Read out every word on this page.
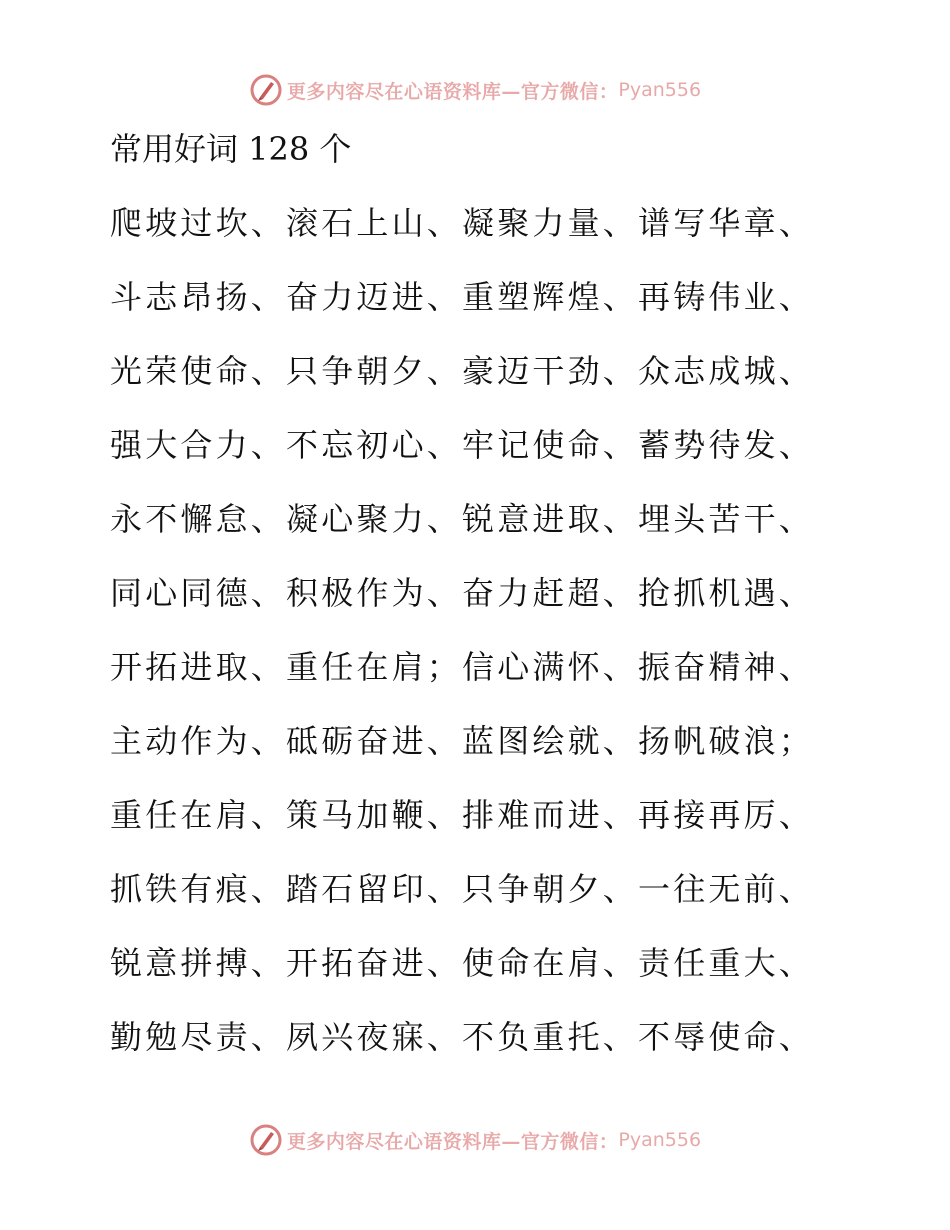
更多内容尽在心语资料库—官方微信： Pyan556
常用好词 128 个
爬坡过坎、滚石上山、凝聚力量、谱写华章、
斗志昂扬、奋力迈进、重塑辉煌、再铸伟业、
光荣使命、只争朝夕、豪迈干劲、众志成城、
强大合力、不忘初心、牢记使命、蓄势待发、
永不懈怠、凝心聚力、锐意进取、埋头苦干、
同心同德、积极作为、奋力赶超、抢抓机遇、
开拓进取、重任在肩；信心满怀、振奋精神、
主动作为、砥砺奋进、蓝图绘就、扬帆破浪；
重任在肩、策马加鞭、排难而进、再接再厉、
抓铁有痕、踏石留印、只争朝夕、一往无前、
锐意拼搏、开拓奋进、使命在肩、责任重大、
勤勉尽责、夙兴夜寐、不负重托、不辱使命、
更多内容尽在心语资料库—官方微信： Pyan556
